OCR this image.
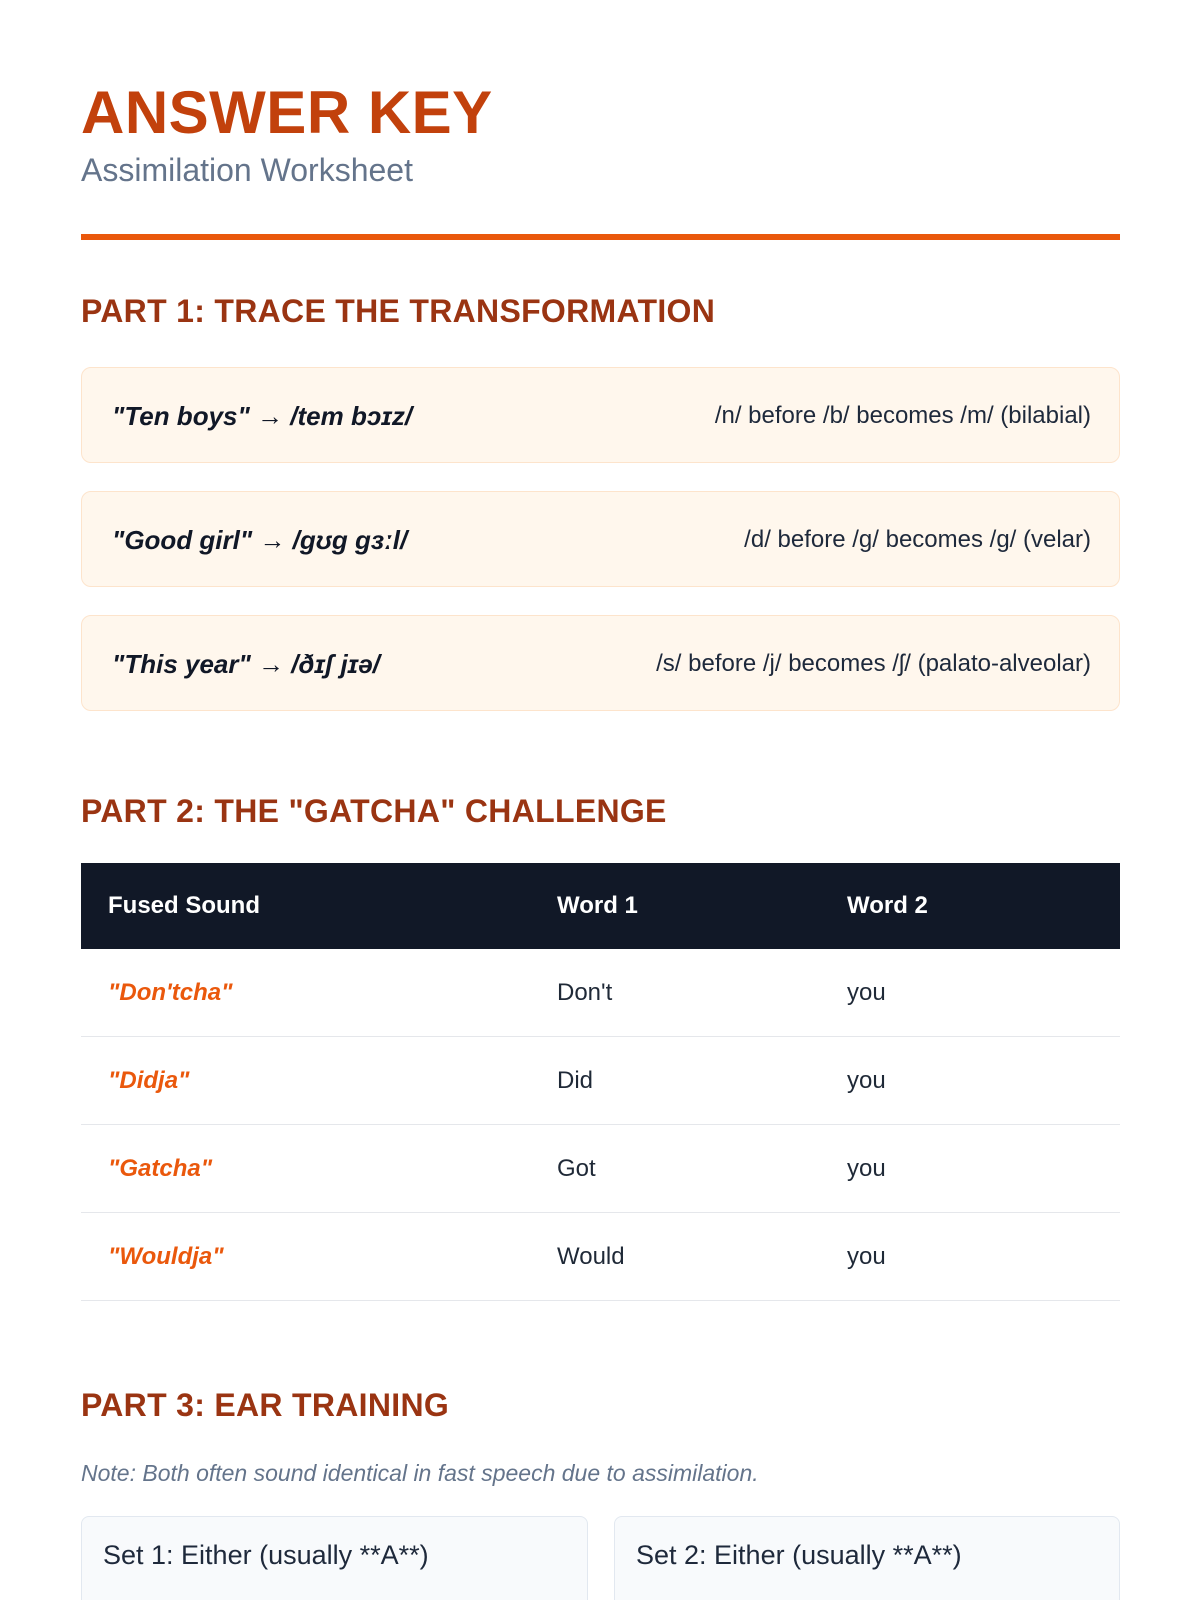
ANSWER KEY
Assimilation Worksheet
PART 1: TRACE THE TRANSFORMATION
"Ten boys" → /tem bɔɪz/	/n/ before /b/ becomes /m/ (bilabial)
"Good girl" → /gʊg gɜːl/	/d/ before /g/ becomes /g/ (velar)
"This year" → /ðɪʃ jɪə/	/s/ before /j/ becomes /ʃ/ (palato-alveolar)
PART 2: THE "GATCHA" CHALLENGE
Fused Sound	Word 1	Word 2
"Don'tcha"	Don't	you
"Didja"	Did	you
"Gatcha"	Got	you
"Wouldja"	Would	you
PART 3: EAR TRAINING
Note: Both often sound identical in fast speech due to assimilation.
Set 1: Either (usually **A**)	Set 2: Either (usually **A**)
